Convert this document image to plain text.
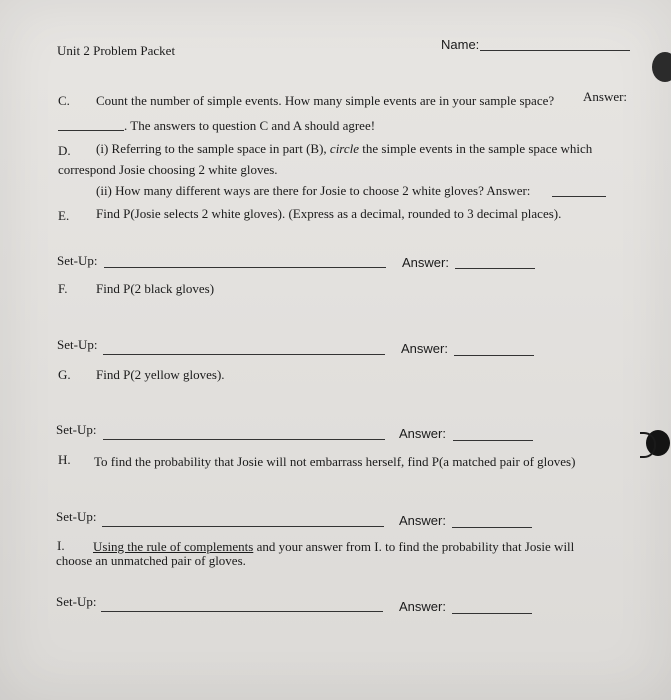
Unit 2 Problem Packet	Name:
C. Count the number of simple events. How many simple events are in your sample space? Answer:
. The answers to question C and A should agree!
D. (i) Referring to the sample space in part (B), circle the simple events in the sample space which
correspond Josie choosing 2 white gloves.
(ii) How many different ways are there for Josie to choose 2 white gloves? Answer:
E. Find P(Josie selects 2 white gloves). (Express as a decimal, rounded to 3 decimal places).
Set-Up:	Answer:
F. Find P(2 black gloves)
Set-Up:	Answer:
G. Find P(2 yellow gloves).
Set-Up:	Answer:
H. To find the probability that Josie will not embarrass herself, find P(a matched pair of gloves)
Set-Up:	Answer:
I. Using the rule of complements and your answer from I. to find the probability that Josie will
choose an unmatched pair of gloves.
Set-Up:	Answer:
